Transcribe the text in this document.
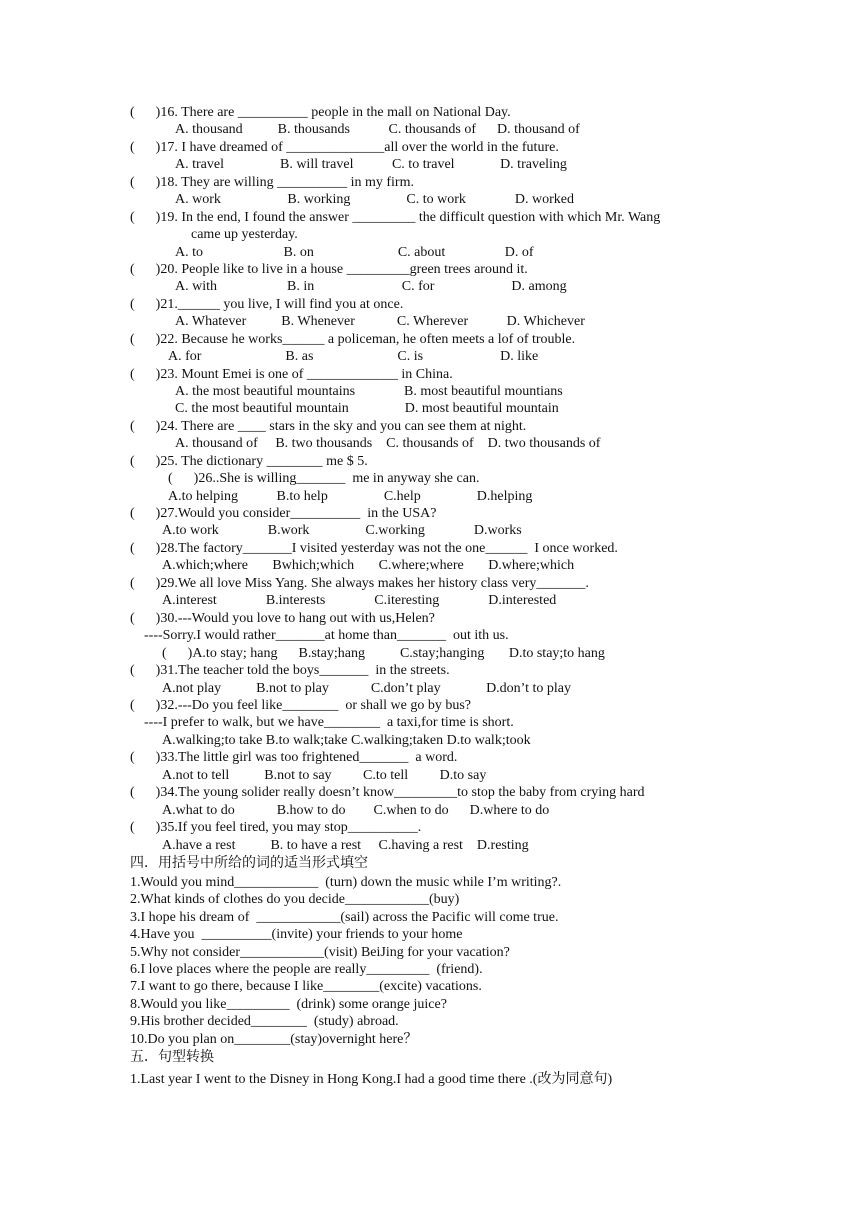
(      )16. There are __________ people in the mall on National Day.
A. thousand          B. thousands           C. thousands of      D. thousand of
(      )17. I have dreamed of ______________all over the world in the future.
A. travel                B. will travel           C. to travel             D. traveling
(      )18. They are willing __________ in my firm.
A. work                   B. working                C. to work              D. worked
(      )19. In the end, I found the answer _________ the difficult question with which Mr. Wang
came up yesterday.
A. to                       B. on                        C. about                 D. of
(      )20. People like to live in a house _________green trees around it.
A. with                    B. in                         C. for                      D. among
(      )21.______ you live, I will find you at once.
A. Whatever          B. Whenever            C. Wherever           D. Whichever
(      )22. Because he works______ a policeman, he often meets a lof of trouble.
A. for                        B. as                        C. is                      D. like
(      )23. Mount Emei is one of _____________ in China.
A. the most beautiful mountains              B. most beautiful mountians
C. the most beautiful mountain                D. most beautiful mountain
(      )24. There are ____ stars in the sky and you can see them at night.
A. thousand of     B. two thousands    C. thousands of    D. two thousands of
(      )25. The dictionary ________ me $ 5.
(      )26..She is willing_______  me in anyway she can.
A.to helping           B.to help                C.help                D.helping
(      )27.Would you consider__________  in the USA?
A.to work              B.work                C.working              D.works
(      )28.The factory_______I visited yesterday was not the one______  I once worked.
A.which;where       Bwhich;which       C.where;where       D.where;which
(      )29.We all love Miss Yang. She always makes her history class very_______.
A.interest              B.interests              C.iteresting              D.interested
(      )30.---Would you love to hang out with us,Helen?
----Sorry.I would rather_______at home than_______  out ith us.
(      )A.to stay; hang      B.stay;hang          C.stay;hanging       D.to stay;to hang
(      )31.The teacher told the boys_______  in the streets.
A.not play          B.not to play            C.don’t play             D.don’t to play
(      )32.---Do you feel like________  or shall we go by bus?
----I prefer to walk, but we have________  a taxi,for time is short.
A.walking;to take B.to walk;take C.walking;taken D.to walk;took
(      )33.The little girl was too frightened_______  a word.
A.not to tell          B.not to say         C.to tell         D.to say
(      )34.The young solider really doesn’t know_________to stop the baby from crying hard
A.what to do            B.how to do        C.when to do      D.where to do
(      )35.If you feel tired, you may stop__________.
A.have a rest          B. to have a rest     C.having a rest    D.resting
四．用括号中所给的词的适当形式填空
1.Would you mind____________  (turn) down the music while I’m writing?.
2.What kinds of clothes do you decide____________(buy)
3.I hope his dream of  ____________(sail) across the Pacific will come true.
4.Have you  __________(invite) your friends to your home
5.Why not consider____________(visit) BeiJing for your vacation?
6.I love places where the people are really_________  (friend).
7.I want to go there, because I like________(excite) vacations.
8.Would you like_________  (drink) some orange juice?
9.His brother decided________  (study) abroad.
10.Do you plan on________(stay)overnight here？
五．句型转换
1.Last year I went to the Disney in Hong Kong.I had a good time there .(改为同意句)
